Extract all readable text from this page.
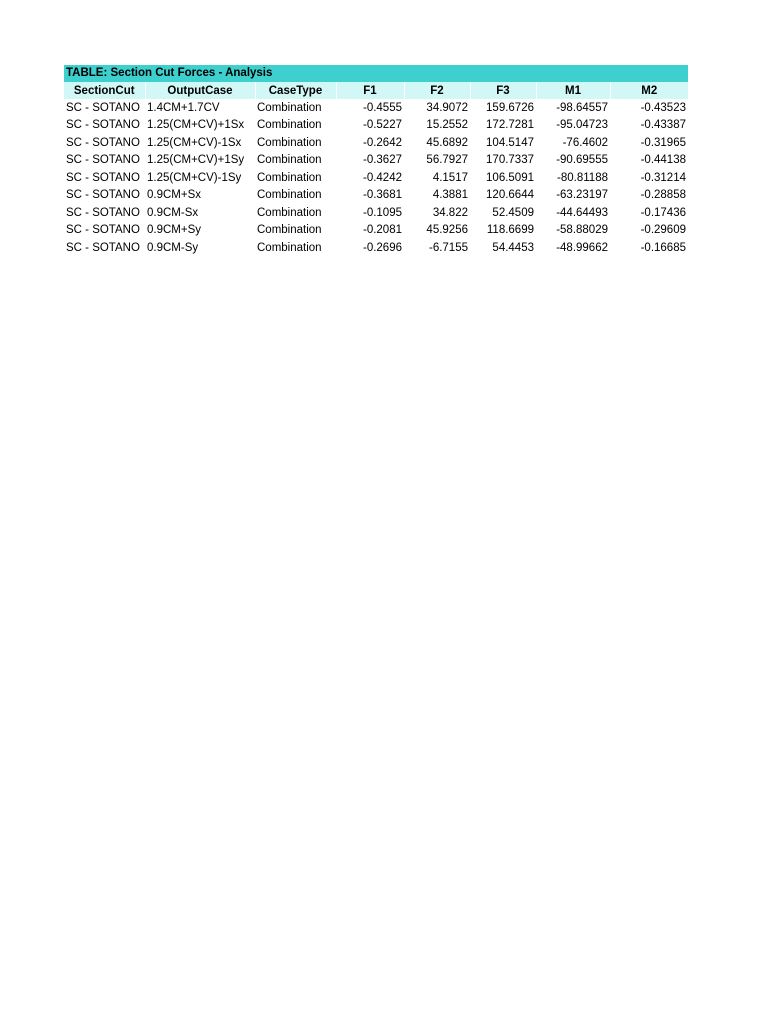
TABLE: Section Cut Forces - Analysis
SectionCut	OutputCase	CaseType	F1	F2	F3	M1	M2
SC - SOTANO	1.4CM+1.7CV	Combination	-0.4555	34.9072	159.6726	-98.64557	-0.43523
SC - SOTANO	1.25(CM+CV)+1Sx	Combination	-0.5227	15.2552	172.7281	-95.04723	-0.43387
SC - SOTANO	1.25(CM+CV)-1Sx	Combination	-0.2642	45.6892	104.5147	-76.4602	-0.31965
SC - SOTANO	1.25(CM+CV)+1Sy	Combination	-0.3627	56.7927	170.7337	-90.69555	-0.44138
SC - SOTANO	1.25(CM+CV)-1Sy	Combination	-0.4242	4.1517	106.5091	-80.81188	-0.31214
SC - SOTANO	0.9CM+Sx	Combination	-0.3681	4.3881	120.6644	-63.23197	-0.28858
SC - SOTANO	0.9CM-Sx	Combination	-0.1095	34.822	52.4509	-44.64493	-0.17436
SC - SOTANO	0.9CM+Sy	Combination	-0.2081	45.9256	118.6699	-58.88029	-0.29609
SC - SOTANO	0.9CM-Sy	Combination	-0.2696	-6.7155	54.4453	-48.99662	-0.16685
